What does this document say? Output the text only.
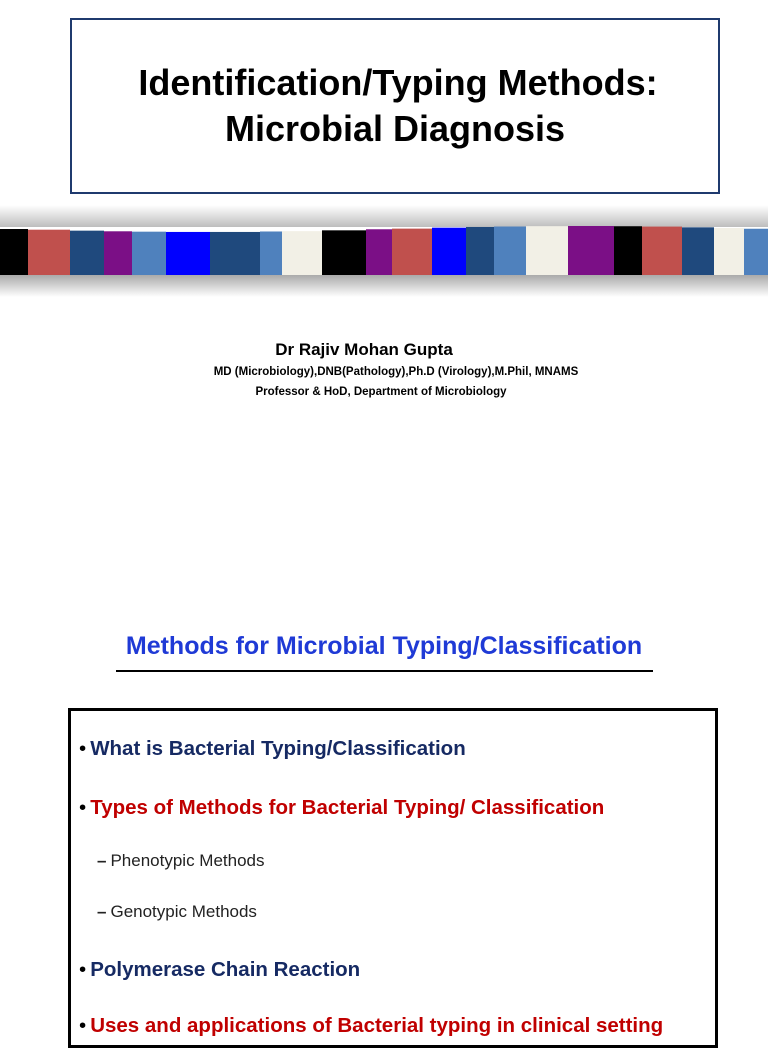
Identification/Typing Methods:
Microbial Diagnosis
Dr Rajiv Mohan Gupta
MD (Microbiology),DNB(Pathology),Ph.D (Virology),M.Phil, MNAMS
Professor & HoD, Department of Microbiology
Methods for Microbial Typing/Classification
• What is Bacterial Typing/Classification
• Types of Methods for Bacterial Typing/ Classification
– Phenotypic Methods
– Genotypic Methods
• Polymerase Chain Reaction
• Uses and applications of Bacterial typing in clinical setting
